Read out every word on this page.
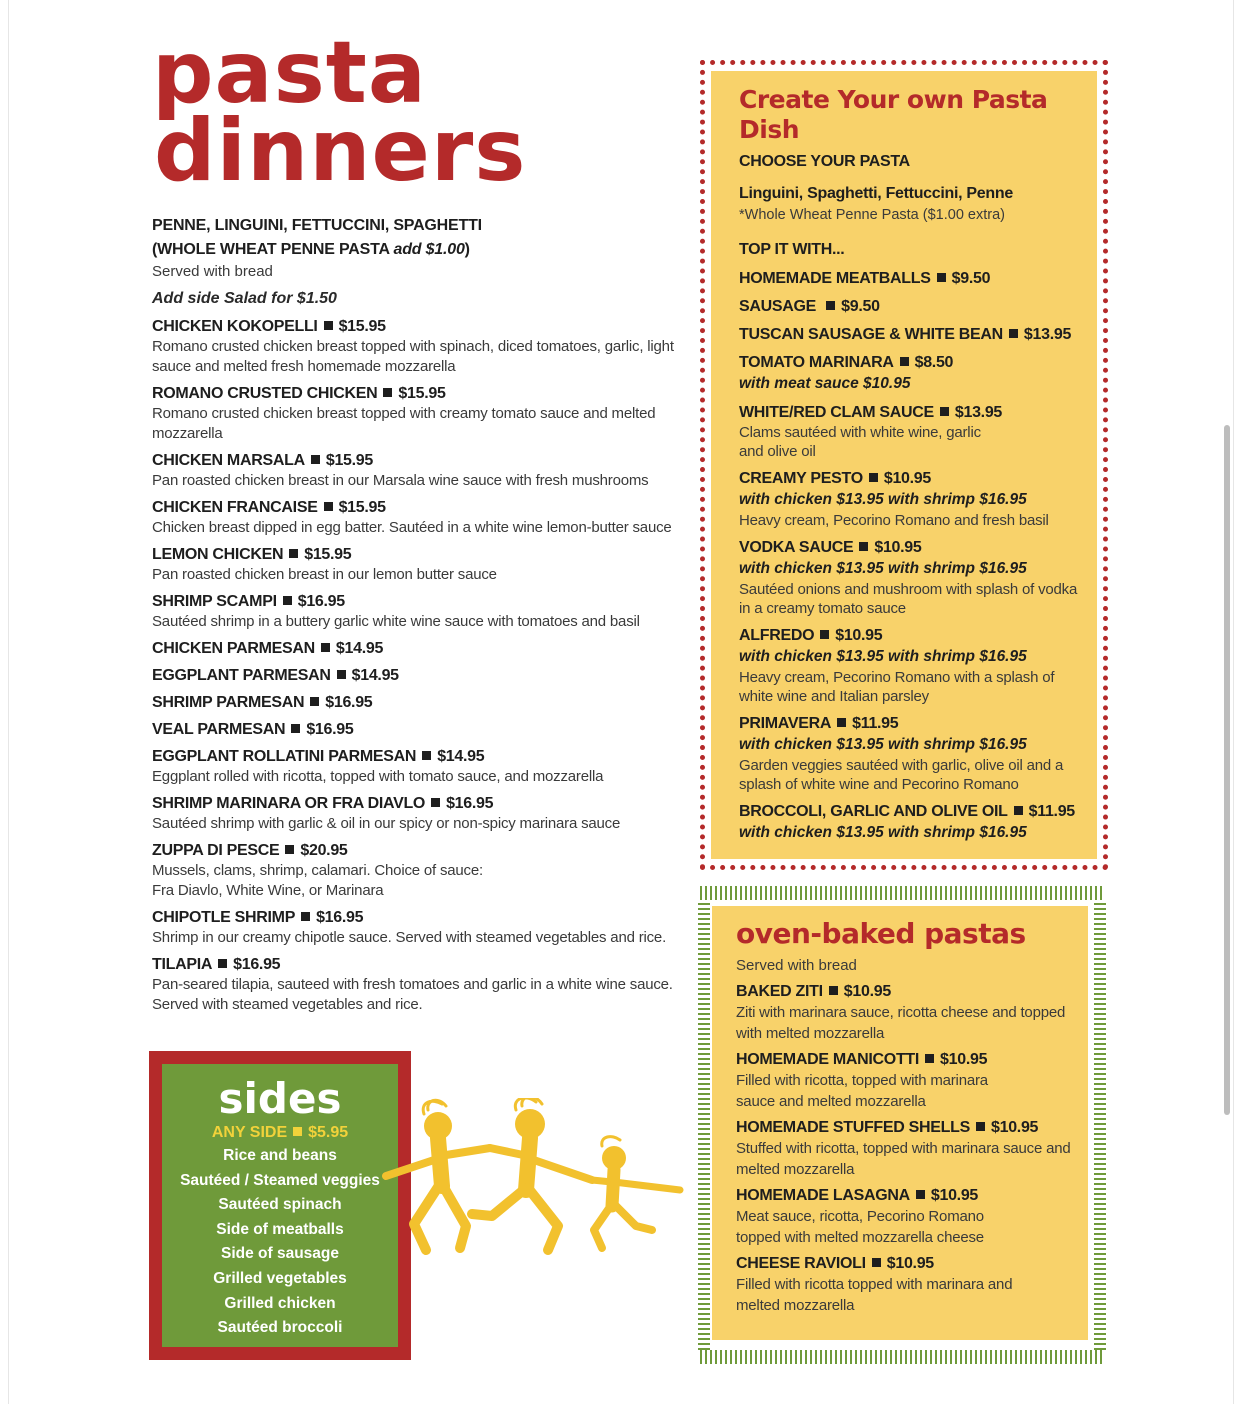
pasta
dinners
PENNE, LINGUINI, FETTUCCINI, SPAGHETTI
(WHOLE WHEAT PENNE PASTA add $1.00)
Served with bread
Add side Salad for $1.50
CHICKEN KOKOPELLI $15.95
Romano crusted chicken breast topped with spinach, diced tomatoes, garlic, light sauce and melted fresh homemade mozzarella
ROMANO CRUSTED CHICKEN $15.95
Romano crusted chicken breast topped with creamy tomato sauce and melted mozzarella
CHICKEN MARSALA $15.95
Pan roasted chicken breast in our Marsala wine sauce with fresh mushrooms
CHICKEN FRANCAISE $15.95
Chicken breast dipped in egg batter. Sautéed in a white wine lemon-butter sauce
LEMON CHICKEN $15.95
Pan roasted chicken breast in our lemon butter sauce
SHRIMP SCAMPI $16.95
Sautéed shrimp in a buttery garlic white wine sauce with tomatoes and basil
CHICKEN PARMESAN $14.95
EGGPLANT PARMESAN $14.95
SHRIMP PARMESAN $16.95
VEAL PARMESAN $16.95
EGGPLANT ROLLATINI PARMESAN $14.95
Eggplant rolled with ricotta, topped with tomato sauce, and mozzarella
SHRIMP MARINARA OR FRA DIAVLO $16.95
Sautéed shrimp with garlic & oil in our spicy or non-spicy marinara sauce
ZUPPA DI PESCE $20.95
Mussels, clams, shrimp, calamari. Choice of sauce:
Fra Diavlo, White Wine, or Marinara
CHIPOTLE SHRIMP $16.95
Shrimp in our creamy chipotle sauce. Served with steamed vegetables and rice.
TILAPIA $16.95
Pan-seared tilapia, sauteed with fresh tomatoes and garlic in a white wine sauce.
Served with steamed vegetables and rice.
sides
ANY SIDE $5.95
Rice and beans
Sautéed / Steamed veggies
Sautéed spinach
Side of meatballs
Side of sausage
Grilled vegetables
Grilled chicken
Sautéed broccoli
Create Your own Pasta Dish
CHOOSE YOUR PASTA
Linguini, Spaghetti, Fettuccini, Penne
*Whole Wheat Penne Pasta ($1.00 extra)
TOP IT WITH...
HOMEMADE MEATBALLS $9.50
SAUSAGE $9.50
TUSCAN SAUSAGE & WHITE BEAN $13.95
TOMATO MARINARA $8.50
with meat sauce $10.95
WHITE/RED CLAM SAUCE $13.95
Clams sautéed with white wine, garlic
and olive oil
CREAMY PESTO $10.95
with chicken $13.95 with shrimp $16.95
Heavy cream, Pecorino Romano and fresh basil
VODKA SAUCE $10.95
with chicken $13.95 with shrimp $16.95
Sautéed onions and mushroom with splash of vodka
in a creamy tomato sauce
ALFREDO $10.95
with chicken $13.95 with shrimp $16.95
Heavy cream, Pecorino Romano with a splash of
white wine and Italian parsley
PRIMAVERA $11.95
with chicken $13.95 with shrimp $16.95
Garden veggies sautéed with garlic, olive oil and a
splash of white wine and Pecorino Romano
BROCCOLI, GARLIC AND OLIVE OIL $11.95
with chicken $13.95 with shrimp $16.95
oven-baked pastas
Served with bread
BAKED ZITI $10.95
Ziti with marinara sauce, ricotta cheese and topped
with melted mozzarella
HOMEMADE MANICOTTI $10.95
Filled with ricotta, topped with marinara
sauce and melted mozzarella
HOMEMADE STUFFED SHELLS $10.95
Stuffed with ricotta, topped with marinara sauce and
melted mozzarella
HOMEMADE LASAGNA $10.95
Meat sauce, ricotta, Pecorino Romano
topped with melted mozzarella cheese
CHEESE RAVIOLI $10.95
Filled with ricotta topped with marinara and
melted mozzarella
